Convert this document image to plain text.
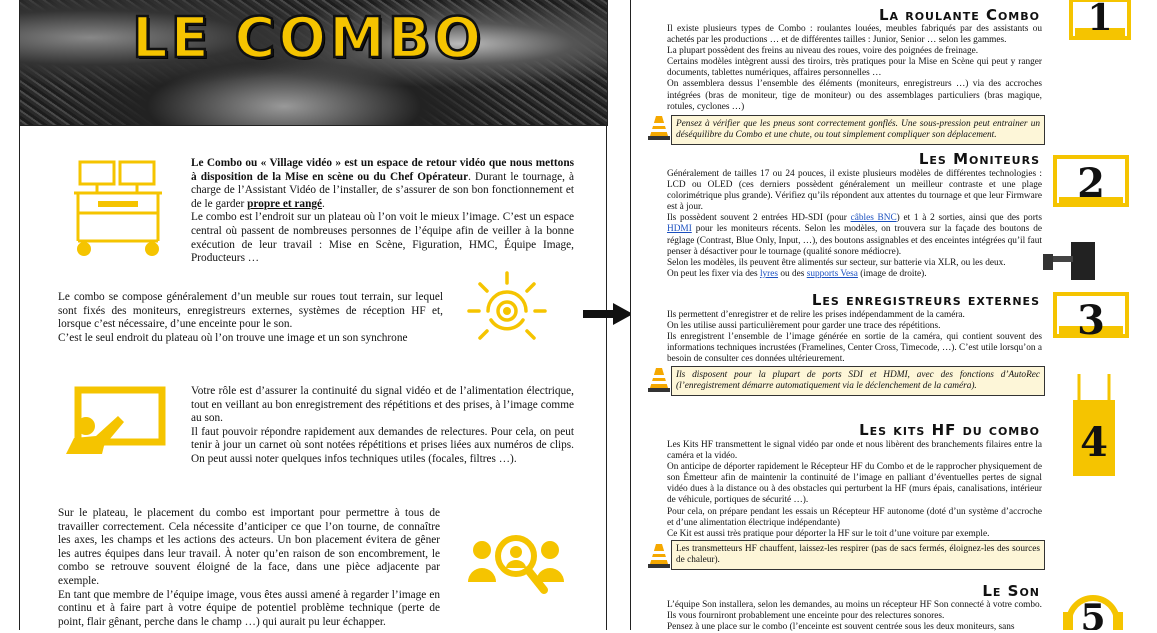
LE COMBO

Le Combo ou « Village vidéo » est un espace de retour vidéo que nous mettons à disposition de la Mise en scène ou du Chef Opérateur. Durant le tournage, à charge de l’Assistant Vidéo de l’installer, de s’assurer de son bon fonctionnement et de le garder propre et rangé.

Le combo est l’endroit sur un plateau où l’on voit le mieux l’image. C’est un espace central où passent de nombreuses personnes de l’équipe afin de veiller à la bonne exécution de leur travail : Mise en Scène, Figuration, HMC, Équipe Image, Producteurs …

Le combo se compose généralement d’un meuble sur roues tout terrain, sur lequel sont fixés des moniteurs, enregistreurs externes, systèmes de réception HF et, lorsque c’est nécessaire, d’une enceinte pour le son.

C’est le seul endroit du plateau où l’on trouve une image et un son synchrone

Votre rôle est d’assurer la continuité du signal vidéo et de l’alimentation électrique, tout en veillant au bon enregistrement des répétitions et des prises, à l’image comme au son.

Il faut pouvoir répondre rapidement aux demandes de relectures. Pour cela, on peut tenir à jour un carnet où sont notées répétitions et prises liées aux numéros de clips. On peut aussi noter quelques infos techniques utiles (focales, filtres …).

Sur le plateau, le placement du combo est important pour permettre à tous de travailler correctement. Cela nécessite d’anticiper ce que l’on tourne, de connaître les axes, les champs et les actions des acteurs. Un bon placement évitera de gêner les autres équipes dans leur travail. À noter qu’en raison de son encombrement, le combo se retrouve souvent éloigné de la face, dans une pièce adjacente par exemple.

En tant que membre de l’équipe image, vous êtes aussi amené à regarder l’image en continu et à faire part à votre équipe de potentiel problème technique (perte de point, flair gênant, perche dans le champ …) qui aurait pu leur échapper.

La roulante Combo 1

Il existe plusieurs types de Combo : roulantes louées, meubles fabriqués par des assistants ou achetés par les productions … et de différentes tailles : Junior, Senior … selon les gammes.

La plupart possèdent des freins au niveau des roues, voire des poignées de freinage.

Certains modèles intègrent aussi des tiroirs, très pratiques pour la Mise en Scène qui peut y ranger documents, tablettes numériques, affaires personnelles …

On assemblera dessus l’ensemble des éléments (moniteurs, enregistreurs …) via des accroches intégrées (bras de moniteur, tige de moniteur) ou des assemblages particuliers (bras magique, rotules, cyclones …)

Pensez à vérifier que les pneus sont correctement gonflés. Une sous-pression peut entrainer un déséquilibre du Combo et une chute, ou tout simplement compliquer son déplacement.
Les Moniteurs
2

Généralement de tailles 17 ou 24 pouces, il existe plusieurs modèles de différentes technologies : LCD ou OLED (ces derniers possèdent généralement un meilleur contraste et une plage colorimétrique plus grande). Vérifiez qu’ils répondent aux attentes du tournage et que leur Firmware est à jour.

Ils possèdent souvent 2 entrées HD-SDI (pour câbles BNC) et 1 à 2 sorties, ainsi que des ports HDMI pour les moniteurs récents. Selon les modèles, on trouvera sur la façade des boutons de réglage (Contrast, Blue Only, Input, …), des boutons assignables et des enceintes intégrées qu’il faut penser à désactiver pour le tournage (qualité sonore médiocre).

Selon les modèles, ils peuvent être alimentés sur secteur, sur batterie via XLR, ou les deux.

On peut les fixer via des lyres ou des supports Vesa (image de droite).

Les enregistreurs externes 3

Ils permettent d’enregistrer et de relire les prises indépendamment de la caméra.

On les utilise aussi particulièrement pour garder une trace des répétitions.

Ils enregistrent l’ensemble de l’image générée en sortie de la caméra, qui contient souvent des informations techniques incrustées (Framelines, Center Cross, Timecode, …). C’est utile lorsqu’on a besoin de consulter ces données ultérieurement.

Ils disposent pour la plupart de ports SDI et HDMI, avec des fonctions d’AutoRec (l’enregistrement démarre automatiquement via le déclenchement de la caméra).
Les kits HF du combo 4

Les Kits HF transmettent le signal vidéo par onde et nous libèrent des branchements filaires entre la caméra et la vidéo.

On anticipe de déporter rapidement le Récepteur HF du Combo et de le rapprocher physiquement de son Émetteur afin de maintenir la continuité de l’image en palliant d’éventuelles pertes de signal vidéo dues à la distance ou à des obstacles qui perturbent la HF (murs épais, canalisations, intérieur de véhicule, portiques de sécurité …).

Pour cela, on prépare pendant les essais un Récepteur HF autonome (doté d’un système d’accroche et d’une alimentation électrique indépendante)

Ce Kit est aussi très pratique pour déporter la HF sur le toit d’une voiture par exemple.

Les transmetteurs HF chauffent, laissez-les respirer (pas de sacs fermés, éloignez-les des sources de chaleur).
Le Son
5

L’équipe Son installera, selon les demandes, au moins un récepteur HF Son connecté à votre combo. Ils vous fourniront probablement une enceinte pour des relectures sonores.

Pensez à une place sur le combo (l’enceinte est souvent centrée sous les deux moniteurs, sans
